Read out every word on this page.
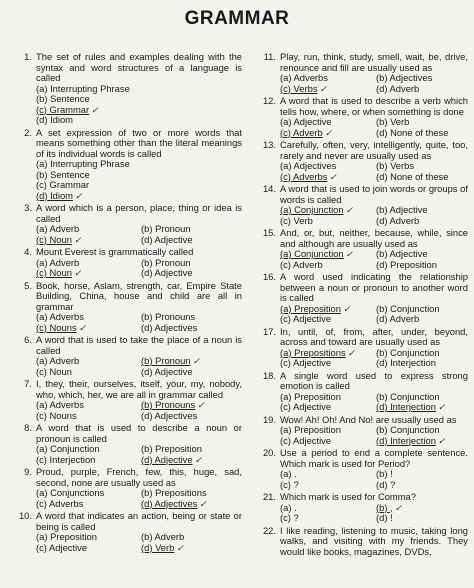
GRAMMAR
1. The set of rules and examples dealing with the syntax and word structures of a language is called

(a) Interrupting Phrase
(b) Sentence
(c) Grammar✓
(d) Idiom
2. A set expression of two or more words that means something other than the literal meanings of its individual words is called

(a) Interrupting Phrase
(b) Sentence
(c) Grammar
(d) Idiom✓
3. A word which is a person, place, thing or idea is called

(a) Adverb	(b) Pronoun
(c) Noun ✓	(d) Adjective
4. Mount Everest is grammatically called

(a) Adverb	(b) Pronoun
(c) Noun ✓	(d) Adjective
5. Book, horse, Aslam, strength, car, Empire State Building, China, house and child are all in grammar

(a) Adverbs	(b) Pronouns
(c) Nouns ✓	(d) Adjectives
6. A word that is used to take the place of a noun is called

(a) Adverb	(b) Pronoun✓
(c) Noun	(d) Adjective
7. I, they, their, ourselves, itself, your, my, nobody, who, which, her, we are all in grammar called

(a) Adverbs	(b) Pronouns✓
(c) Nouns	(d) Adjectives
8. A word that is used to describe a noun or pronoun is called

(a) Conjunction	(b) Preposition
(c) Interjection	(d) Adjective✓
9. Proud, purple, French, few, this, huge, sad, second, none are usually used as

(a) Conjunctions	(b) Prepositions
(c) Adverbs	(d) Adjectives✓
10. A word that indicates an action, being or state or being is called

(a) Preposition	(b) Adverb
(c) Adjective	(d) Verb✓
11. Play, run, think, study, smell, wait, be, drive, renounce and fill are usually used as

(a) Adverbs	(b) Adjectives
(c) Verbs ✓	(d) Adverb
12. A word that is used to describe a verb which tells how, where, or when something is done

(a) Adjective	(b) Verb
(c) Adverb ✓	(d) None of these
13. Carefully, often, very, intelligently, quite, too, rarely and never are usually used as

(a) Adjectives	(b) Verbs
(c) Adverbs ✓	(d) None of these
14. A word that is used to join words or groups of words is called

(a) Conjunction ✓	(b) Adjective
(c) Verb	(d) Adverb
15. And, or, but, neither, because, while, since and although are usually used as

(a) Conjunction ✓	(b) Adjective
(c) Adverb	(d) Preposition
16. A word used indicating the relationship between a noun or pronoun to another word is called

(a) Preposition ✓	(b) Conjunction
(c) Adjective	(d) Adverb
17. In, until, of, from, after, under, beyond, across and toward are usually used as

(a) Prepositions ✓	(b) Conjunction
(c) Adjective	(d) Interjection
18. A single word used to express strong emotion is called

(a) Preposition	(b) Conjunction
(c) Adjective	(d) Interjection✓
19. Wow! Ah! Oh! And No! are usually used as

(a) Preposition	(b) Conjunction
(c) Adjective	(d) Interjection✓
20. Use a period to end a complete sentence. Which mark is used for Period?

(a) .	(b) !
(c) ?	(d) ?
21. Which mark is used for Comma?

(a) .	(b) ,✓
(c) ?	(d) !
22. I like reading, listening to music, taking long walks, and visiting with my friends. They would like books, magazines, DVDs,
